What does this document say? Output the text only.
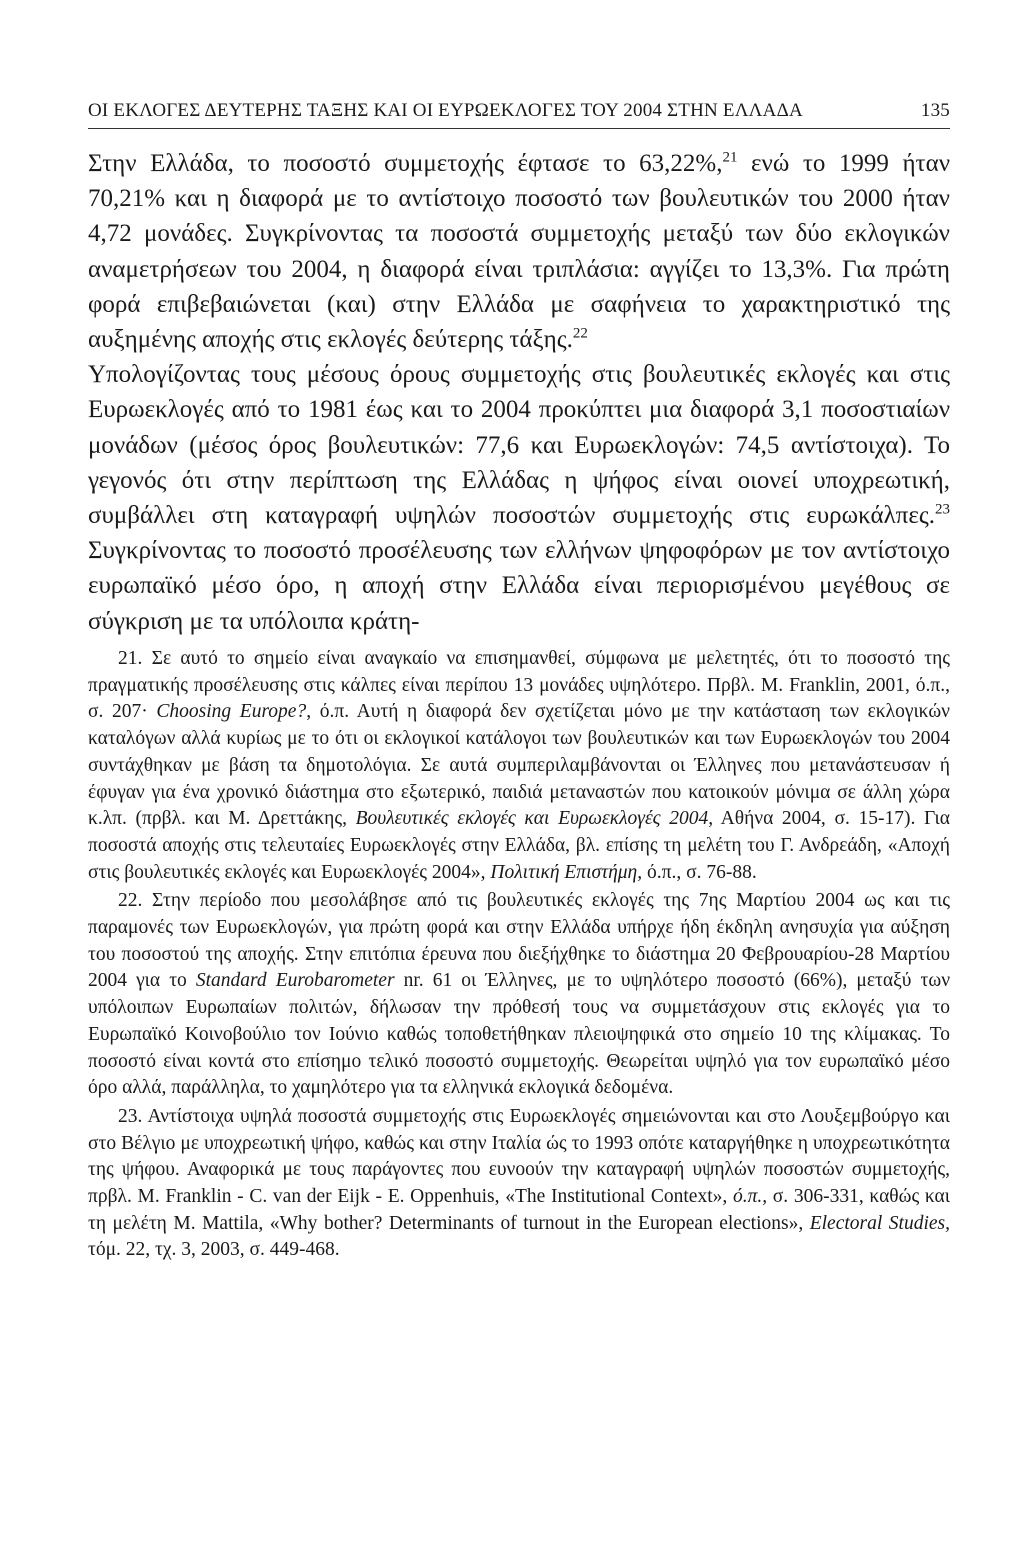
ΟΙ ΕΚΛΟΓΕΣ ΔΕΥΤΕΡΗΣ ΤΑΞΗΣ ΚΑΙ ΟΙ ΕΥΡΩΕΚΛΟΓΕΣ ΤΟΥ 2004 ΣΤΗΝ ΕΛΛΑΔΑ	135

Στην Ελλάδα, το ποσοστό συμμετοχής έφτασε το 63,22%,$^{21}$ ενώ το 1999 ήταν 70,21% και η διαφορά με το αντίστοιχο ποσοστό των βουλευτικών του 2000 ήταν 4,72 μονάδες. Συγκρίνοντας τα ποσοστά συμμετοχής μεταξύ των δύο εκλογικών αναμετρήσεων του 2004, η διαφορά είναι τριπλάσια: αγγίζει το 13,3%. Για πρώτη φορά επιβεβαιώνεται (και) στην Ελλάδα με σαφήνεια το χαρακτηριστικό της αυξημένης αποχής στις εκλογές δεύτερης τάξης.$^{22}$

Υπολογίζοντας τους μέσους όρους συμμετοχής στις βουλευτικές εκλογές και στις Ευρωεκλογές από το 1981 έως και το 2004 προκύπτει μια διαφορά 3,1 ποσοστιαίων μονάδων (μέσος όρος βουλευτικών: 77,6 και Ευρωεκλογών: 74,5 αντίστοιχα). Το γεγονός ότι στην περίπτωση της Ελλάδας η ψήφος είναι οιονεί υποχρεωτική, συμβάλλει στη καταγραφή υψηλών ποσοστών συμμετοχής στις ευρωκάλπες.$^{23}$ Συγκρίνοντας το ποσοστό προσέλευσης των ελλήνων ψηφοφόρων με τον αντίστοιχο ευρωπαϊκό μέσο όρο, η αποχή στην Ελλάδα είναι περιορισμένου μεγέθους σε σύγκριση με τα υπόλοιπα κράτη-

21. Σε αυτό το σημείο είναι αναγκαίο να επισημανθεί, σύμφωνα με μελετητές, ότι το ποσοστό της πραγματικής προσέλευσης στις κάλπες είναι περίπου 13 μονάδες υψηλότερο. Πρβλ. M. Franklin, 2001, ό.π., σ. 207· Choosing Europe?, ό.π. Αυτή η διαφορά δεν σχετίζεται μόνο με την κατάσταση των εκλογικών καταλόγων αλλά κυρίως με το ότι οι εκλογικοί κατάλογοι των βουλευτικών και των Ευρωεκλογών του 2004 συντάχθηκαν με βάση τα δημοτολόγια. Σε αυτά συμπεριλαμβάνονται οι Έλληνες που μετανάστευσαν ή έφυγαν για ένα χρονικό διάστημα στο εξωτερικό, παιδιά μεταναστών που κατοικούν μόνιμα σε άλλη χώρα κ.λπ. (πρβλ. και Μ. Δρεττάκης, Βουλευτικές εκλογές και Ευρωεκλογές 2004, Αθήνα 2004, σ. 15-17). Για ποσοστά αποχής στις τελευταίες Ευρωεκλογές στην Ελλάδα, βλ. επίσης τη μελέτη του Γ. Ανδρεάδη, «Αποχή στις βουλευτικές εκλογές και Ευρωεκλογές 2004», Πολιτική Επιστήμη, ό.π., σ. 76-88.

22. Στην περίοδο που μεσολάβησε από τις βουλευτικές εκλογές της 7ης Μαρτίου 2004 ως και τις παραμονές των Ευρωεκλογών, για πρώτη φορά και στην Ελλάδα υπήρχε ήδη έκδηλη ανησυχία για αύξηση του ποσοστού της αποχής. Στην επιτόπια έρευνα που διεξήχθηκε το διάστημα 20 Φεβρουαρίου-28 Μαρτίου 2004 για το Standard Eurobarometer nr. 61 οι Έλληνες, με το υψηλότερο ποσοστό (66%), μεταξύ των υπόλοιπων Ευρωπαίων πολιτών, δήλωσαν την πρόθεσή τους να συμμετάσχουν στις εκλογές για το Ευρωπαϊκό Κοινοβούλιο τον Ιούνιο καθώς τοποθετήθηκαν πλειοψηφικά στο σημείο 10 της κλίμακας. Το ποσοστό είναι κοντά στο επίσημο τελικό ποσοστό συμμετοχής. Θεωρείται υψηλό για τον ευρωπαϊκό μέσο όρο αλλά, παράλληλα, το χαμηλότερο για τα ελληνικά εκλογικά δεδομένα.

23. Αντίστοιχα υψηλά ποσοστά συμμετοχής στις Ευρωεκλογές σημειώνονται και στο Λουξεμβούργο και στο Βέλγιο με υποχρεωτική ψήφο, καθώς και στην Ιταλία ώς το 1993 οπότε καταργήθηκε η υποχρεωτικότητα της ψήφου. Αναφορικά με τους παράγοντες που ευνοούν την καταγραφή υψηλών ποσοστών συμμετοχής, πρβλ. M. Franklin - C. van der Eijk - E. Oppenhuis, «The Institutional Context», ό.π., σ. 306-331, καθώς και τη μελέτη M. Mattila, «Why bother? Determinants of turnout in the European elections», Electoral Studies, τόμ. 22, τχ. 3, 2003, σ. 449-468.
